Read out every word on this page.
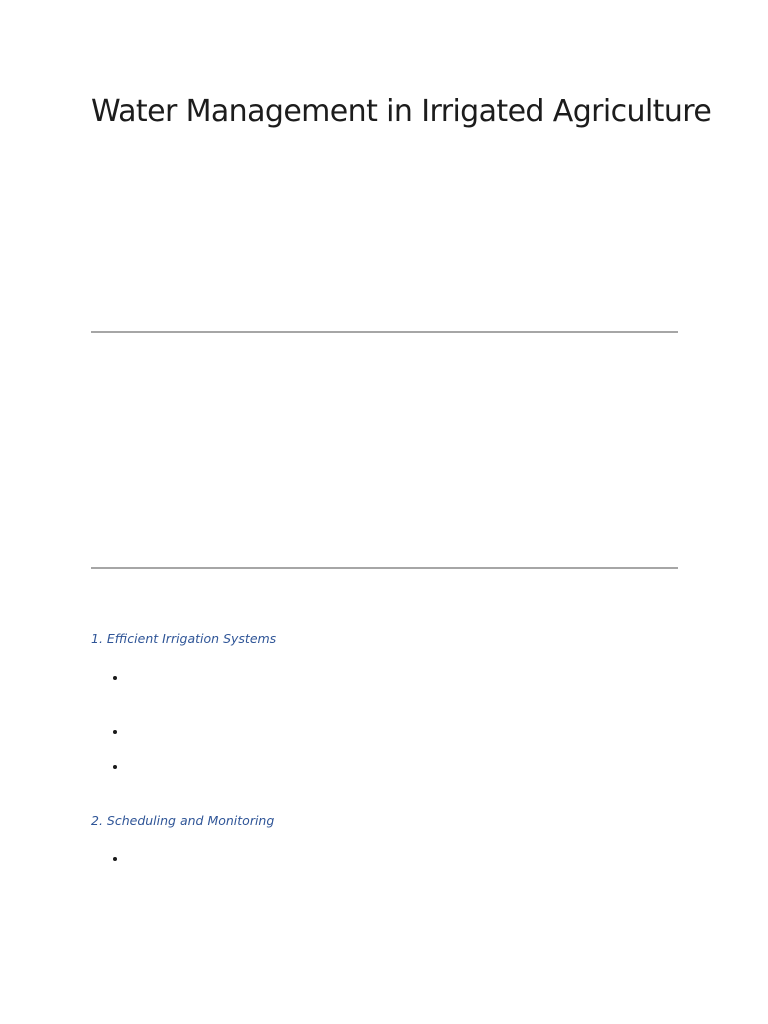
Water Management in Irrigated Agriculture
1. Efficient Irrigation Systems
2. Scheduling and Monitoring
